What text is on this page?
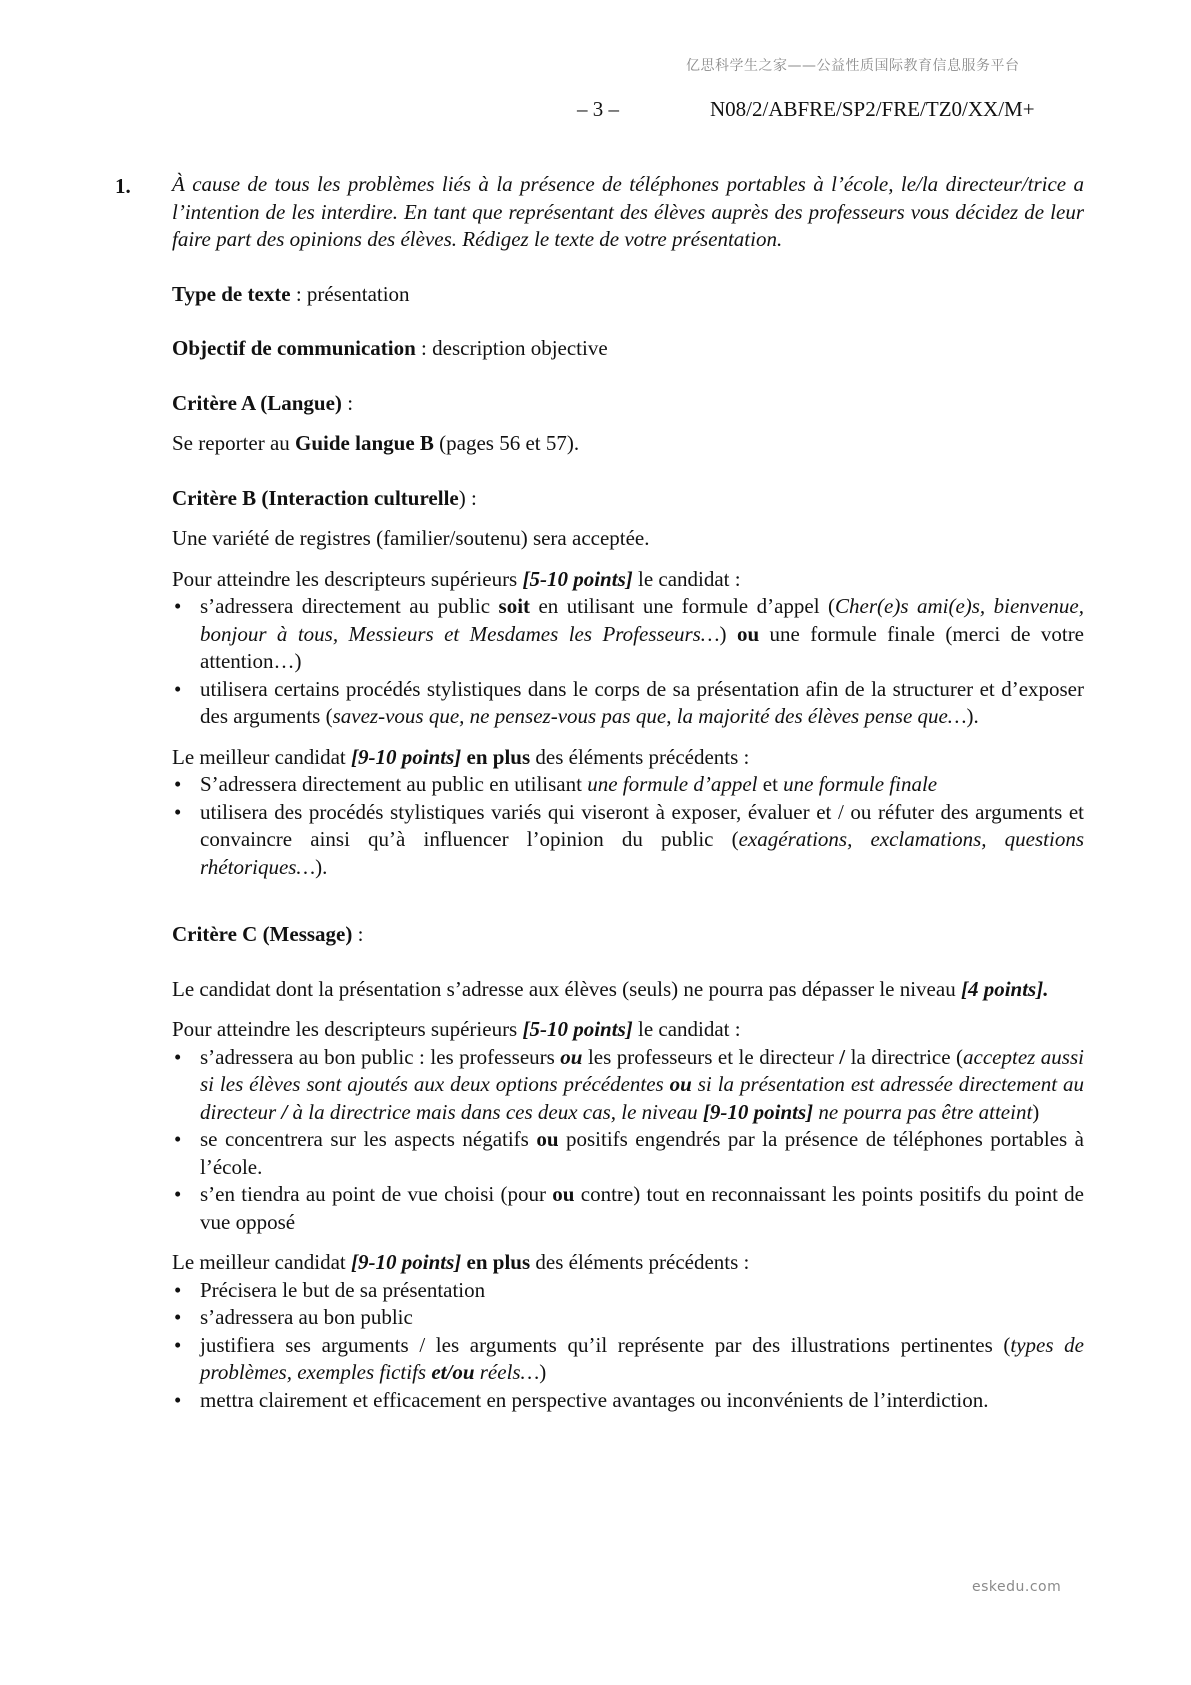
亿思科学生之家——公益性质国际教育信息服务平台
– 3 –	N08/2/ABFRE/SP2/FRE/TZ0/XX/M+
1. À cause de tous les problèmes liés à la présence de téléphones portables à l’école, le/la directeur/trice a l’intention de les interdire. En tant que représentant des élèves auprès des professeurs vous décidez de leur faire part des opinions des élèves. Rédigez le texte de votre présentation.

Type de texte : présentation

Objectif de communication : description objective

Critère A (Langue) :

Se reporter au Guide langue B (pages 56 et 57).

Critère B (Interaction culturelle) :

Une variété de registres (familier/soutenu) sera acceptée.

Pour atteindre les descripteurs supérieurs [5-10 points] le candidat :

• s’adressera directement au public soit en utilisant une formule d’appel (Cher(e)s ami(e)s, bienvenue, bonjour à tous, Messieurs et Mesdames les Professeurs…) ou une formule finale (merci de votre attention…)
• utilisera certains procédés stylistiques dans le corps de sa présentation afin de la structurer et d’exposer des arguments (savez-vous que, ne pensez-vous pas que, la majorité des élèves pense que…).

Le meilleur candidat [9-10 points] en plus des éléments précédents :

• S’adressera directement au public en utilisant une formule d’appel et une formule finale
• utilisera des procédés stylistiques variés qui viseront à exposer, évaluer et / ou réfuter des arguments et convaincre ainsi qu’à influencer l’opinion du public (exagérations, exclamations, questions rhétoriques…).

Critère C (Message) :

Le candidat dont la présentation s’adresse aux élèves (seuls) ne pourra pas dépasser le niveau [4 points].

Pour atteindre les descripteurs supérieurs [5-10 points] le candidat :

• s’adressera au bon public : les professeurs ou les professeurs et le directeur / la directrice (acceptez aussi si les élèves sont ajoutés aux deux options précédentes ou si la présentation est adressée directement au directeur / à la directrice mais dans ces deux cas, le niveau [9-10 points] ne pourra pas être atteint)
• se concentrera sur les aspects négatifs ou positifs engendrés par la présence de téléphones portables à l’école.
• s’en tiendra au point de vue choisi (pour ou contre) tout en reconnaissant les points positifs du point de vue opposé

Le meilleur candidat [9-10 points] en plus des éléments précédents :

• Précisera le but de sa présentation
• s’adressera au bon public
• justifiera ses arguments / les arguments qu’il représente par des illustrations pertinentes (types de problèmes, exemples fictifs et/ou réels…)
• mettra clairement et efficacement en perspective avantages ou inconvénients de l’interdiction.
eskedu.com
